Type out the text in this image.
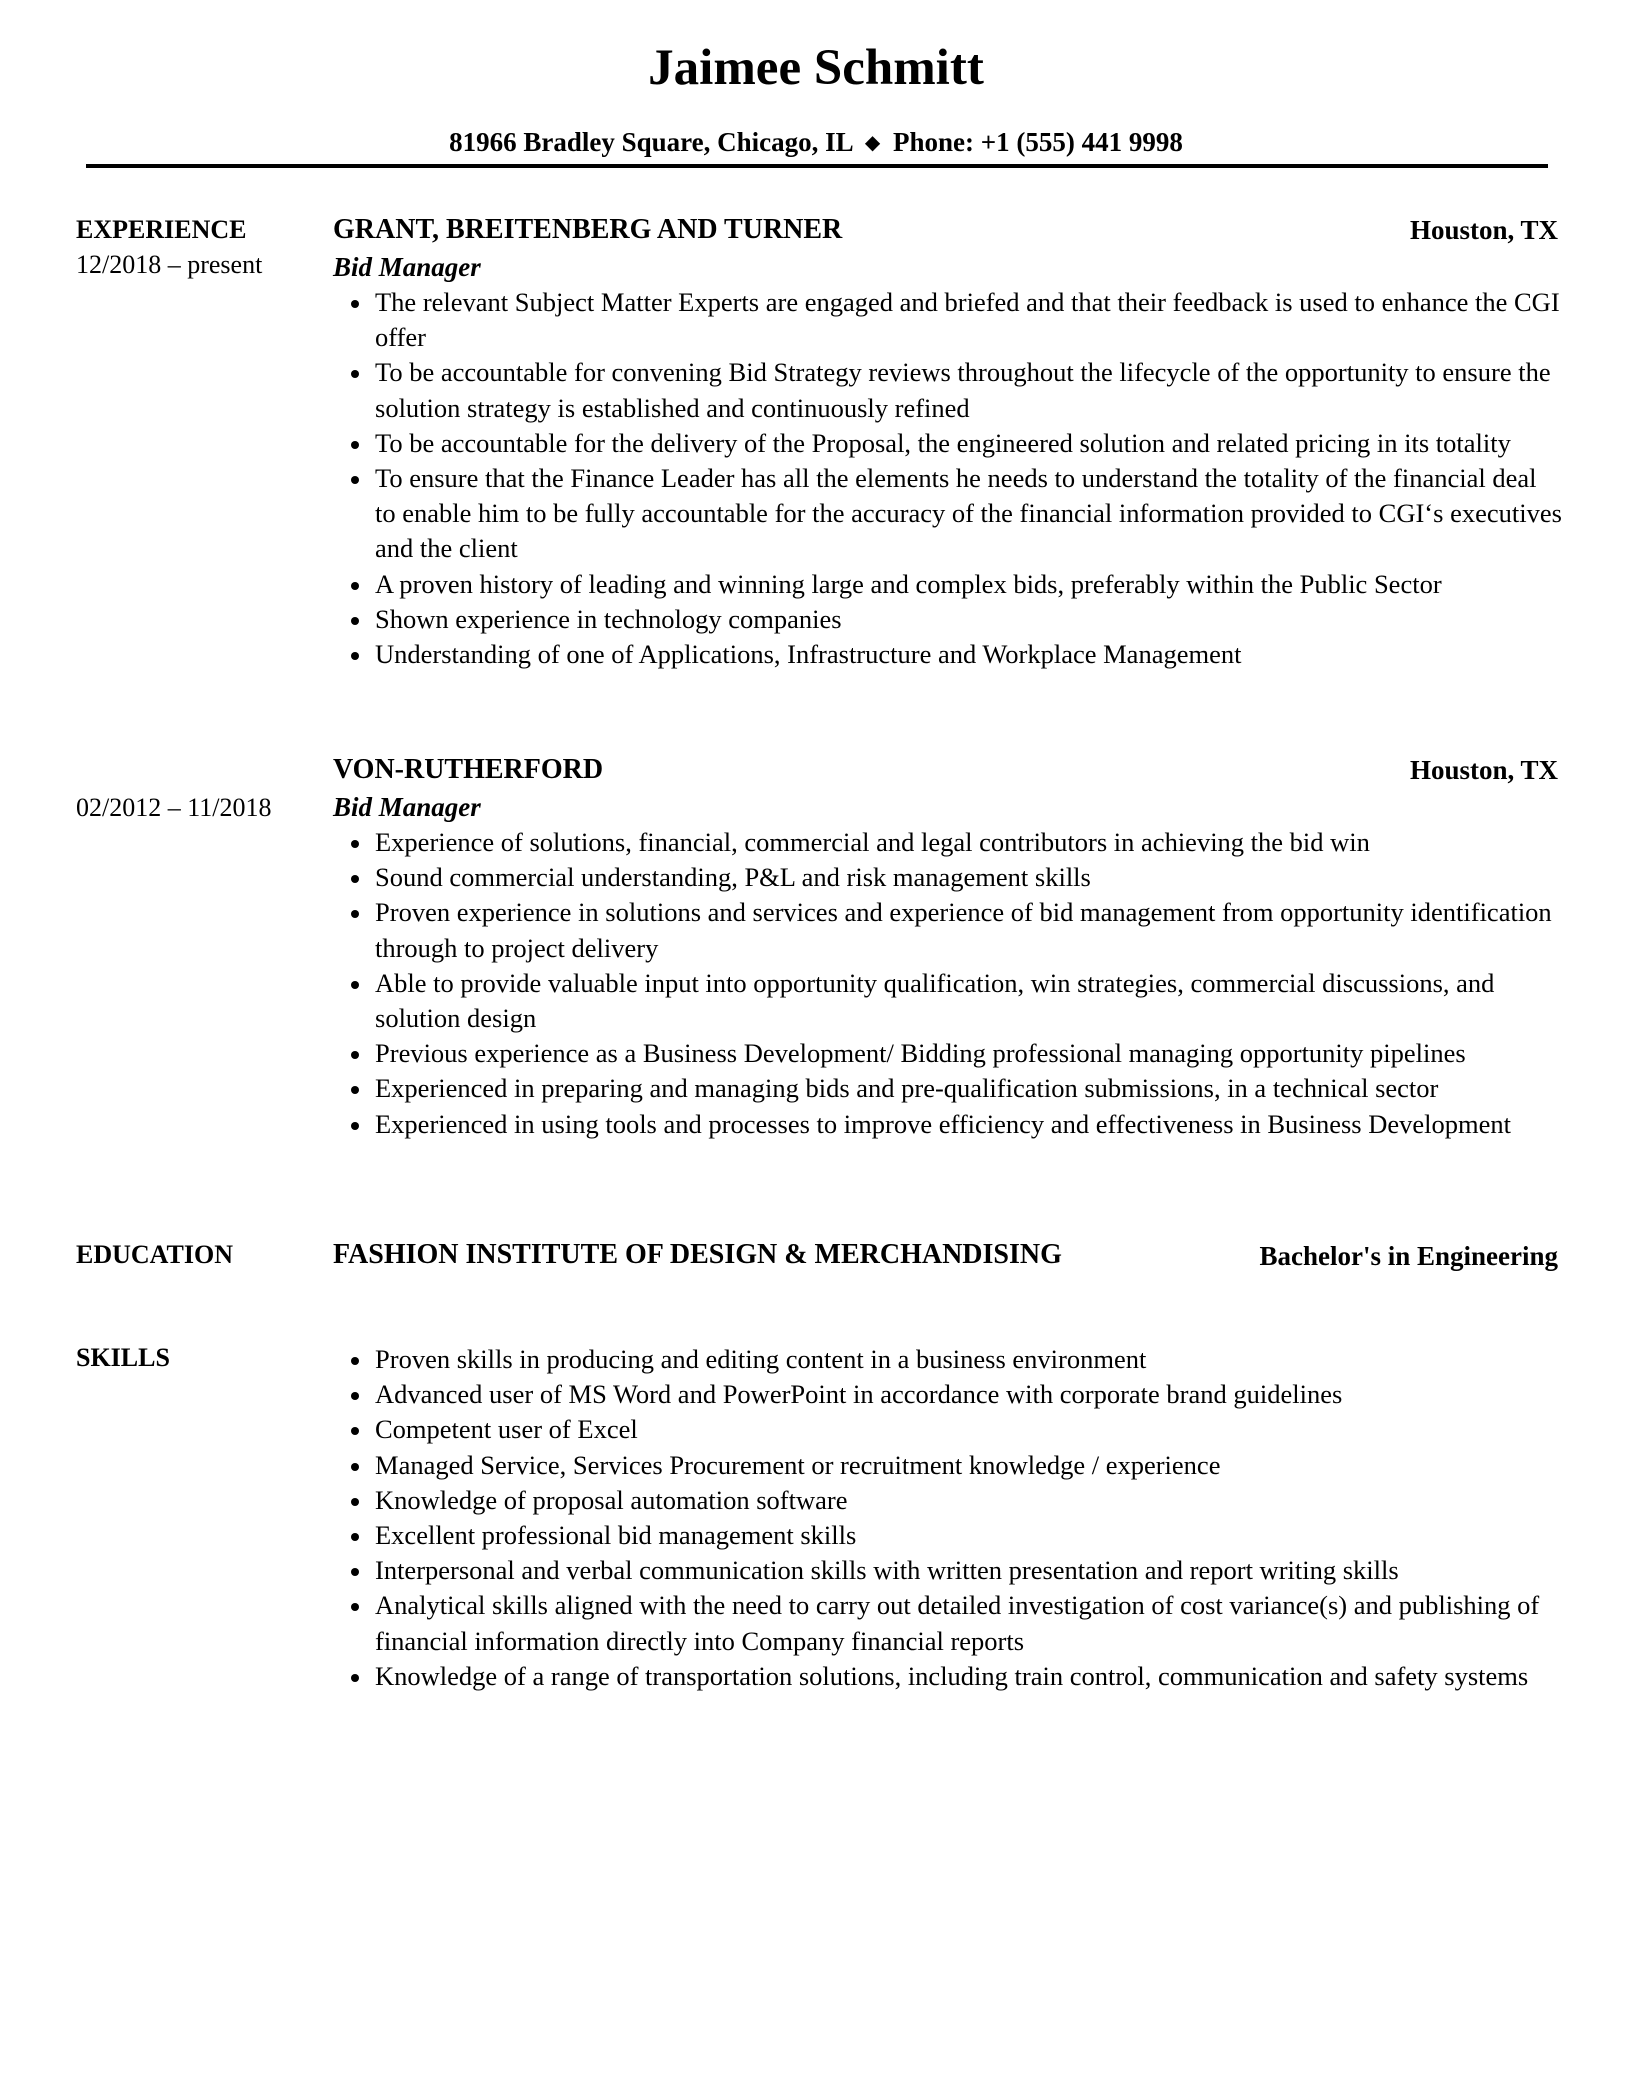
Jaimee Schmitt
81966 Bradley Square, Chicago, IL ◆ Phone: +1 (555) 441 9998
EXPERIENCE
12/2018 – present
GRANT, BREITENBERG AND TURNER	Houston, TX
Bid Manager
The relevant Subject Matter Experts are engaged and briefed and that their feedback is used to enhance the CGI offer
To be accountable for convening Bid Strategy reviews throughout the lifecycle of the opportunity to ensure the solution strategy is established and continuously refined
To be accountable for the delivery of the Proposal, the engineered solution and related pricing in its totality
To ensure that the Finance Leader has all the elements he needs to understand the totality of the financial deal to enable him to be fully accountable for the accuracy of the financial information provided to CGI‘s executives and the client
A proven history of leading and winning large and complex bids, preferably within the Public Sector
Shown experience in technology companies
Understanding of one of Applications, Infrastructure and Workplace Management
02/2012 – 11/2018
VON-RUTHERFORD	Houston, TX
Bid Manager
Experience of solutions, financial, commercial and legal contributors in achieving the bid win
Sound commercial understanding, P&L and risk management skills
Proven experience in solutions and services and experience of bid management from opportunity identification through to project delivery
Able to provide valuable input into opportunity qualification, win strategies, commercial discussions, and solution design
Previous experience as a Business Development/ Bidding professional managing opportunity pipelines
Experienced in preparing and managing bids and pre-qualification submissions, in a technical sector
Experienced in using tools and processes to improve efficiency and effectiveness in Business Development
EDUCATION	FASHION INSTITUTE OF DESIGN & MERCHANDISING	Bachelor's in Engineering
SKILLS	Proven skills in producing and editing content in a business environment
Advanced user of MS Word and PowerPoint in accordance with corporate brand guidelines
Competent user of Excel
Managed Service, Services Procurement or recruitment knowledge / experience
Knowledge of proposal automation software
Excellent professional bid management skills
Interpersonal and verbal communication skills with written presentation and report writing skills
Analytical skills aligned with the need to carry out detailed investigation of cost variance(s) and publishing of financial information directly into Company financial reports
Knowledge of a range of transportation solutions, including train control, communication and safety systems
